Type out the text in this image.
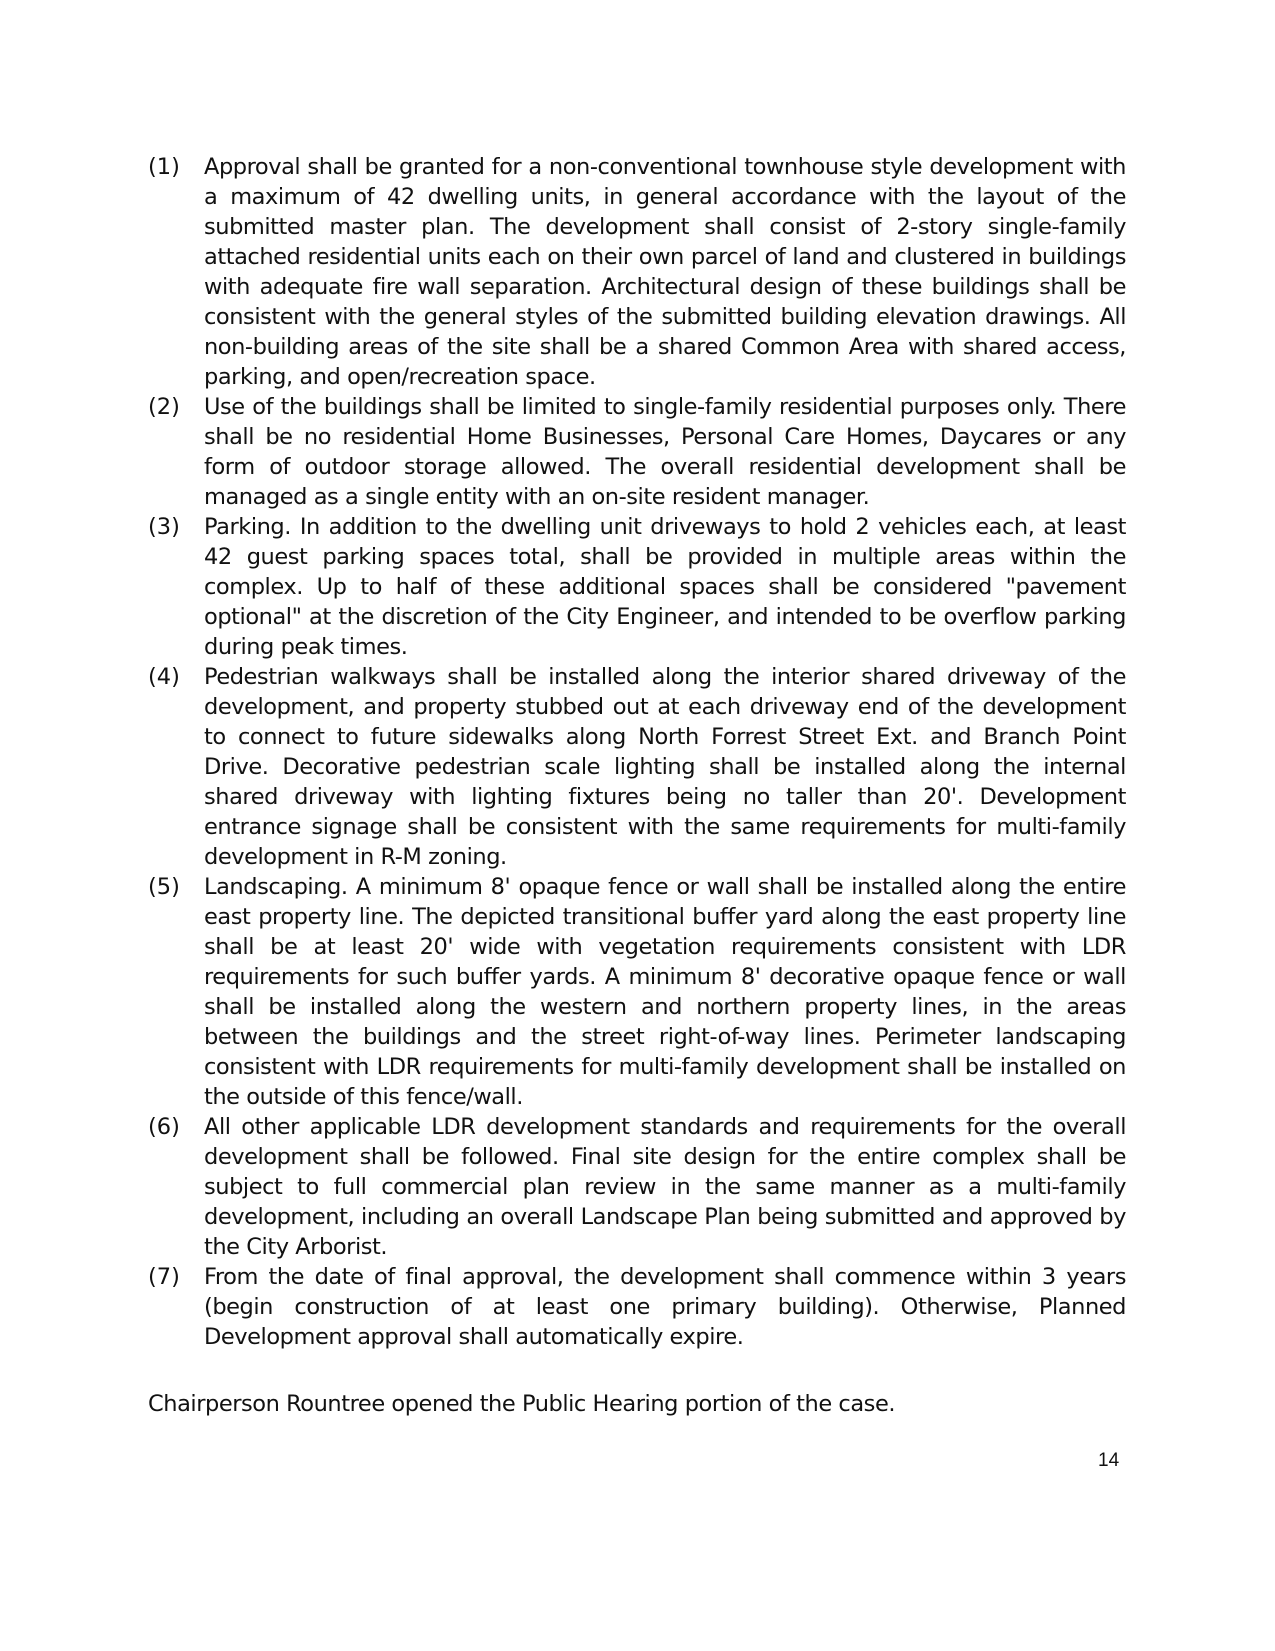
(1) Approval shall be granted for a non-conventional townhouse style development with a maximum of 42 dwelling units, in general accordance with the layout of the submitted master plan. The development shall consist of 2-story single-family attached residential units each on their own parcel of land and clustered in buildings with adequate fire wall separation. Architectural design of these buildings shall be consistent with the general styles of the submitted building elevation drawings. All non-building areas of the site shall be a shared Common Area with shared access, parking, and open/recreation space.
(2) Use of the buildings shall be limited to single-family residential purposes only. There shall be no residential Home Businesses, Personal Care Homes, Daycares or any form of outdoor storage allowed. The overall residential development shall be managed as a single entity with an on-site resident manager.
(3) Parking. In addition to the dwelling unit driveways to hold 2 vehicles each, at least 42 guest parking spaces total, shall be provided in multiple areas within the complex. Up to half of these additional spaces shall be considered "pavement optional" at the discretion of the City Engineer, and intended to be overflow parking during peak times.
(4) Pedestrian walkways shall be installed along the interior shared driveway of the development, and property stubbed out at each driveway end of the development to connect to future sidewalks along North Forrest Street Ext. and Branch Point Drive. Decorative pedestrian scale lighting shall be installed along the internal shared driveway with lighting fixtures being no taller than 20'. Development entrance signage shall be consistent with the same requirements for multi-family development in R-M zoning.
(5) Landscaping. A minimum 8' opaque fence or wall shall be installed along the entire east property line. The depicted transitional buffer yard along the east property line shall be at least 20' wide with vegetation requirements consistent with LDR requirements for such buffer yards. A minimum 8' decorative opaque fence or wall shall be installed along the western and northern property lines, in the areas between the buildings and the street right-of-way lines. Perimeter landscaping consistent with LDR requirements for multi-family development shall be installed on the outside of this fence/wall.
(6) All other applicable LDR development standards and requirements for the overall development shall be followed. Final site design for the entire complex shall be subject to full commercial plan review in the same manner as a multi-family development, including an overall Landscape Plan being submitted and approved by the City Arborist.
(7) From the date of final approval, the development shall commence within 3 years (begin construction of at least one primary building). Otherwise, Planned Development approval shall automatically expire.

Chairperson Rountree opened the Public Hearing portion of the case.

14
